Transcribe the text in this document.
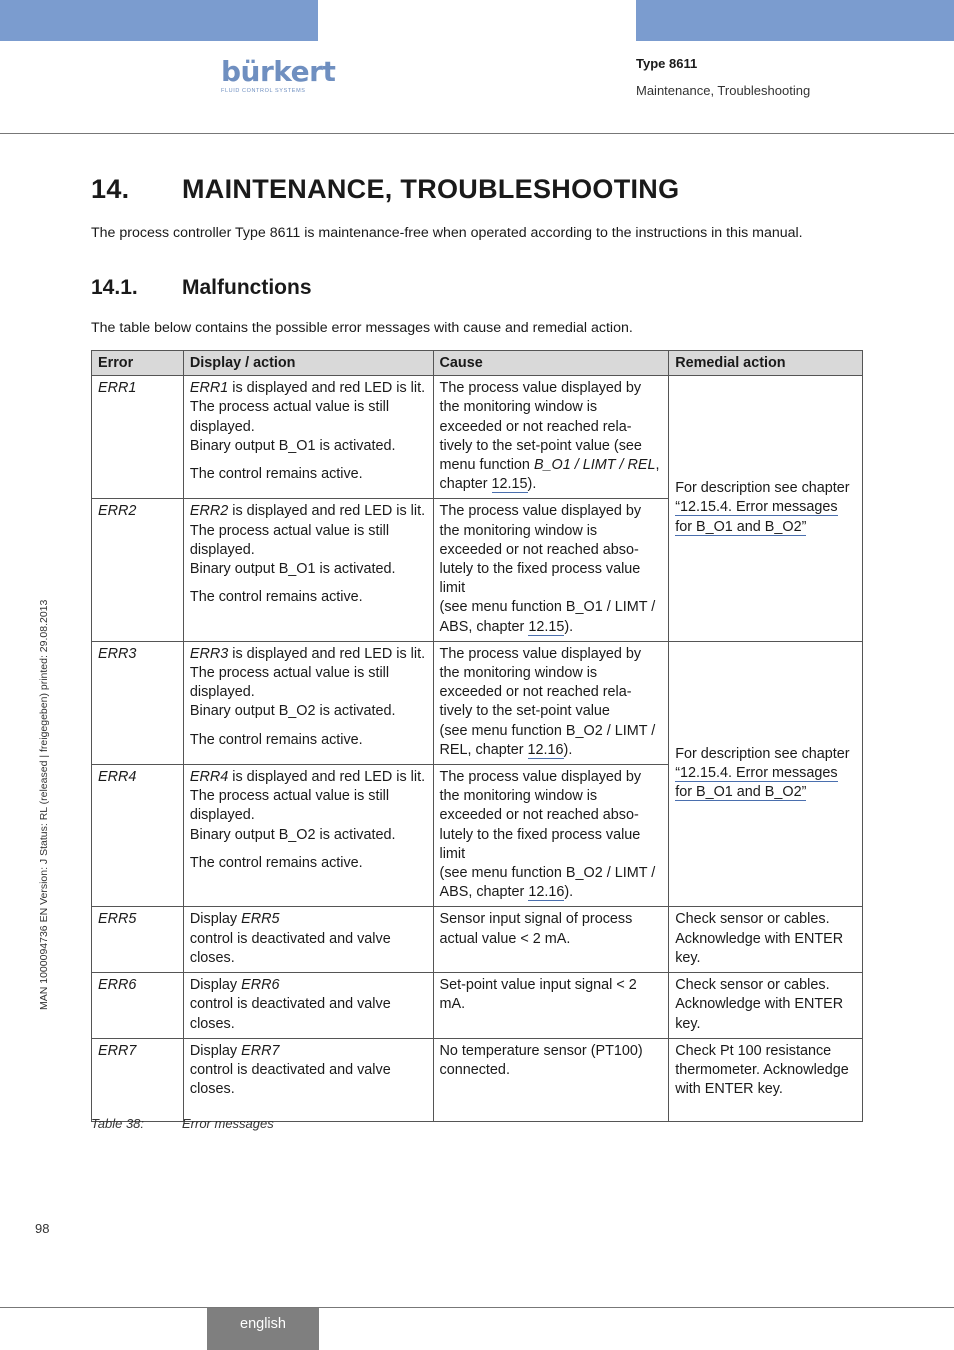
bürkert
FLUID CONTROL SYSTEMS
Type 8611
Maintenance, Troubleshooting
14. MAINTENANCE, TROUBLESHOOTING
The process controller Type 8611 is maintenance-free when operated according to the instructions in this manual.
14.1. Malfunctions
The table below contains the possible error messages with cause and remedial action.
Error	Display / action	Cause	Remedial action
ERR1	ERR1 is displayed and red LED is lit. The process actual value is still displayed.
Binary output B_O1 is activated.
The control remains active.	The process value displayed by the monitoring window is exceeded or not reached rela-tively to the set-point value (see menu function B_O1 / LIMT / REL, chapter 12.15).	For description see chapter “12.15.4. Error messages for B_O1 and B_O2”
ERR2	ERR2 is displayed and red LED is lit. The process actual value is still displayed.
Binary output B_O1 is activated.
The control remains active.	The process value displayed by the monitoring window is exceeded or not reached abso-lutely to the fixed process value limit
(see menu function B_O1 / LIMT / ABS, chapter 12.15).	
ERR3	ERR3 is displayed and red LED is lit. The process actual value is still displayed.
Binary output B_O2 is activated.
The control remains active.	The process value displayed by the monitoring window is exceeded or not reached rela-tively to the set-point value
(see menu function B_O2 / LIMT / REL, chapter 12.16).	For description see chapter “12.15.4. Error messages for B_O1 and B_O2”
ERR4	ERR4 is displayed and red LED is lit. The process actual value is still displayed.
Binary output B_O2 is activated.
The control remains active.	The process value displayed by the monitoring window is exceeded or not reached abso-lutely to the fixed process value limit
(see menu function B_O2 / LIMT / ABS, chapter 12.16).	
ERR5	Display ERR5
control is deactivated and valve closes.	Sensor input signal of process actual value < 2 mA.	Check sensor or cables. Acknowledge with ENTER key.
ERR6	Display ERR6
control is deactivated and valve closes.	Set-point value input signal < 2 mA.	Check sensor or cables. Acknowledge with ENTER key.
ERR7	Display ERR7
control is deactivated and valve closes.	No temperature sensor (PT100) connected.	Check Pt 100 resistance thermometer. Acknowledge with ENTER key.
Table 38:	Error messages
MAN 1000094736 EN Version: J Status: RL (released | freigegeben) printed: 29.08.2013
98
english
